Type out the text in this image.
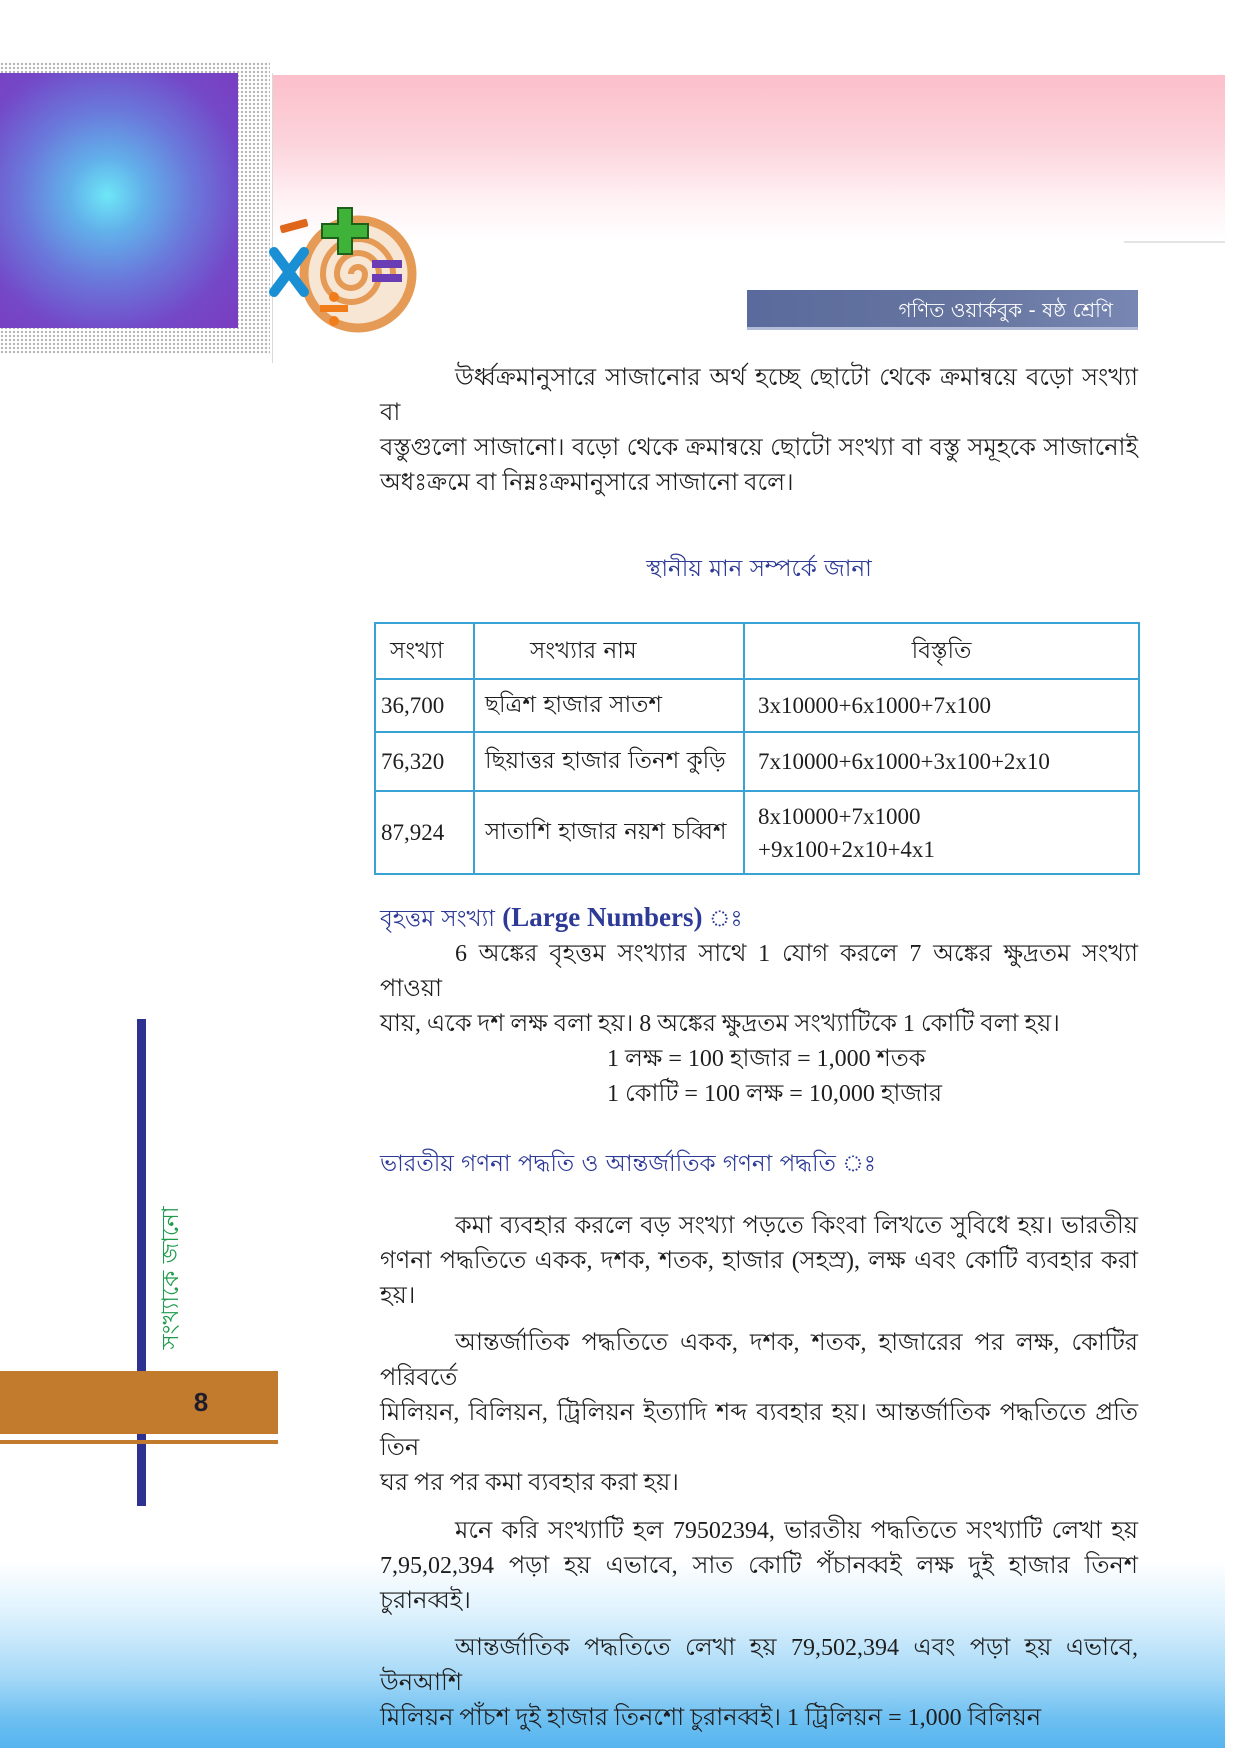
গণিত ওয়ার্কবুক - ষষ্ঠ শ্রেণি
সংখ্যাকে জানো
8
উর্ধ্বক্রমানুসারে সাজানোর অর্থ হচ্ছে ছোটো থেকে ক্রমান্বয়ে বড়ো সংখ্যা বা
বস্তুগুলো সাজানো। বড়ো থেকে ক্রমান্বয়ে ছোটো সংখ্যা বা বস্তু সমূহকে সাজানোই
অধঃক্রমে বা নিম্নঃক্রমানুসারে সাজানো বলে।
স্থানীয় মান সম্পর্কে জানা
সংখ্যা	সংখ্যার নাম	বিস্তৃতি
36,700	ছত্রিশ হাজার সাতশ	3x10000+6x1000+7x100

76,320	ছিয়াত্তর হাজার তিনশ কুড়ি	7x10000+6x1000+3x100+2x10

87,924	সাতাশি হাজার নয়শ চব্বিশ	8x10000+7x1000
+9x100+2x10+4x1
বৃহত্তম সংখ্যা (Large Numbers)
6 অঙ্কের বৃহত্তম সংখ্যার সাথে 1 যোগ করলে 7 অঙ্কের ক্ষুদ্রতম সংখ্যা পাওয়া
যায়, একে দশ লক্ষ বলা হয়। 8 অঙ্কের ক্ষুদ্রতম সংখ্যাটিকে 1 কোটি বলা হয়।
1 লক্ষ = 100 হাজার = 1,000 শতক
1 কোটি = 100 লক্ষ = 10,000 হাজার
ভারতীয় গণনা পদ্ধতি ও আন্তর্জাতিক গণনা পদ্ধতি ঃ
কমা ব্যবহার করলে বড় সংখ্যা পড়তে কিংবা লিখতে সুবিধে হয়। ভারতীয়
গণনা পদ্ধতিতে একক, দশক, শতক, হাজার (সহস্র), লক্ষ এবং কোটি ব্যবহার করা হয়।
আন্তর্জাতিক পদ্ধতিতে একক, দশক, শতক, হাজারের পর লক্ষ, কোটির পরিবর্তে
মিলিয়ন, বিলিয়ন, ট্রিলিয়ন ইত্যাদি শব্দ ব্যবহার হয়। আন্তর্জাতিক পদ্ধতিতে প্রতি তিন
ঘর পর পর কমা ব্যবহার করা হয়।
মনে করি সংখ্যাটি হল 79502394, ভারতীয় পদ্ধতিতে সংখ্যাটি লেখা হয়
7,95,02,394 পড়া হয় এভাবে, সাত কোটি পঁচানব্বই লক্ষ দুই হাজার তিনশ চুরানব্বই।
আন্তর্জাতিক পদ্ধতিতে লেখা হয় 79,502,394 এবং পড়া হয় এভাবে, উনআশি
মিলিয়ন পাঁচশ দুই হাজার তিনশো চুরানব্বই। 1 ট্রিলিয়ন = 1,000 বিলিয়ন
